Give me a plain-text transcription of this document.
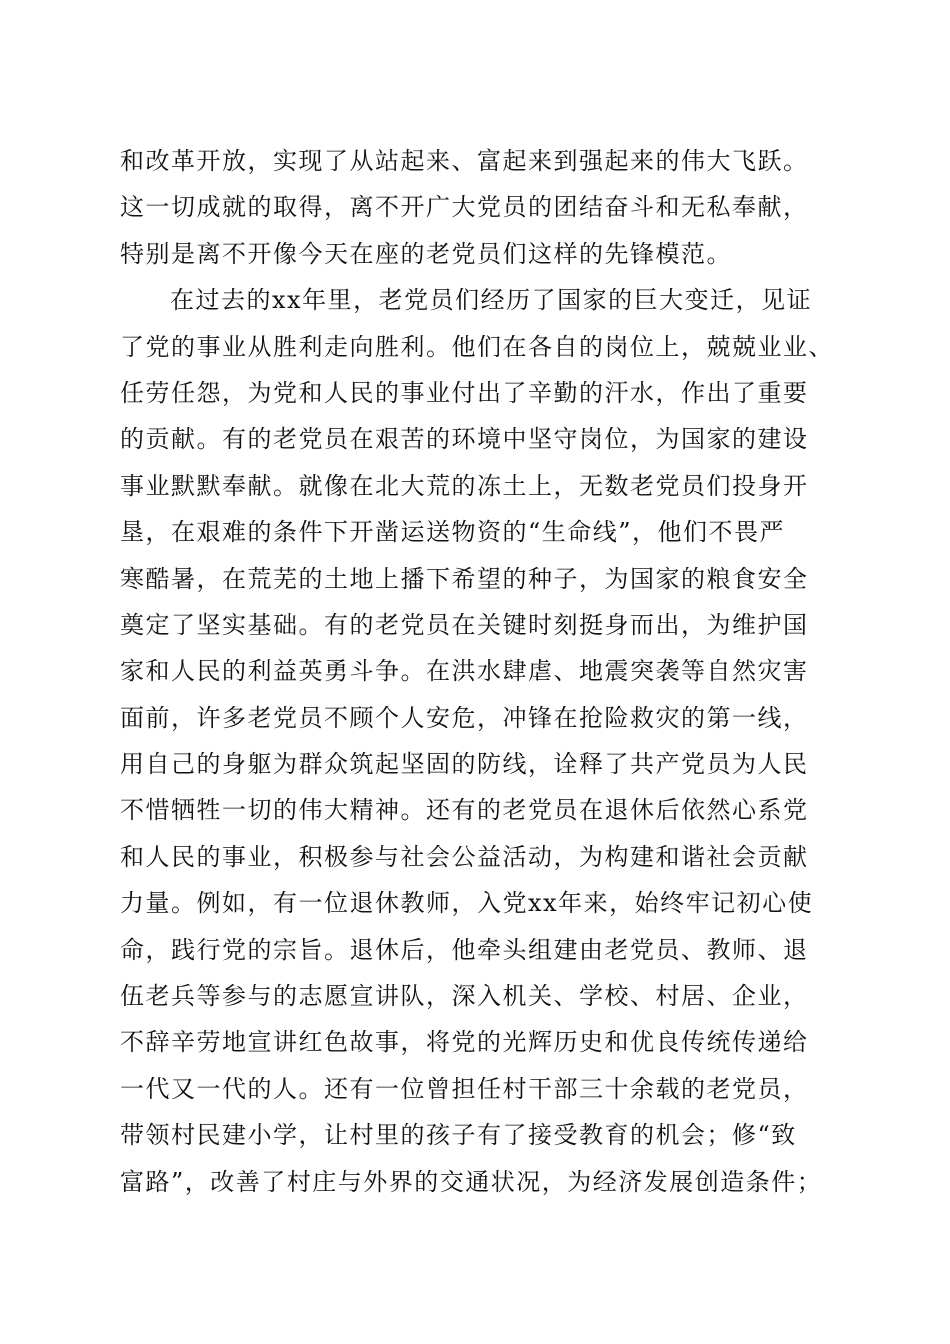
和改革开放，实现了从站起来、富起来到强起来的伟大飞跃。
这一切成就的取得，离不开广大党员的团结奋斗和无私奉献，
特别是离不开像今天在座的老党员们这样的先锋模范。
在过去的xx年里，老党员们经历了国家的巨大变迁，见证
了党的事业从胜利走向胜利。他们在各自的岗位上，兢兢业业、
任劳任怨，为党和人民的事业付出了辛勤的汗水，作出了重要
的贡献。有的老党员在艰苦的环境中坚守岗位，为国家的建设
事业默默奉献。就像在北大荒的冻土上，无数老党员们投身开
垦，在艰难的条件下开凿运送物资的“生命线”，他们不畏严
寒酷暑，在荒芜的土地上播下希望的种子，为国家的粮食安全
奠定了坚实基础。有的老党员在关键时刻挺身而出，为维护国
家和人民的利益英勇斗争。在洪水肆虐、地震突袭等自然灾害
面前，许多老党员不顾个人安危，冲锋在抢险救灾的第一线，
用自己的身躯为群众筑起坚固的防线，诠释了共产党员为人民
不惜牺牲一切的伟大精神。还有的老党员在退休后依然心系党
和人民的事业，积极参与社会公益活动，为构建和谐社会贡献
力量。例如，有一位退休教师，入党xx年来，始终牢记初心使
命，践行党的宗旨。退休后，他牵头组建由老党员、教师、退
伍老兵等参与的志愿宣讲队，深入机关、学校、村居、企业，
不辞辛劳地宣讲红色故事，将党的光辉历史和优良传统传递给
一代又一代的人。还有一位曾担任村干部三十余载的老党员，
带领村民建小学，让村里的孩子有了接受教育的机会；修“致
富路”，改善了村庄与外界的交通状况，为经济发展创造条件；
